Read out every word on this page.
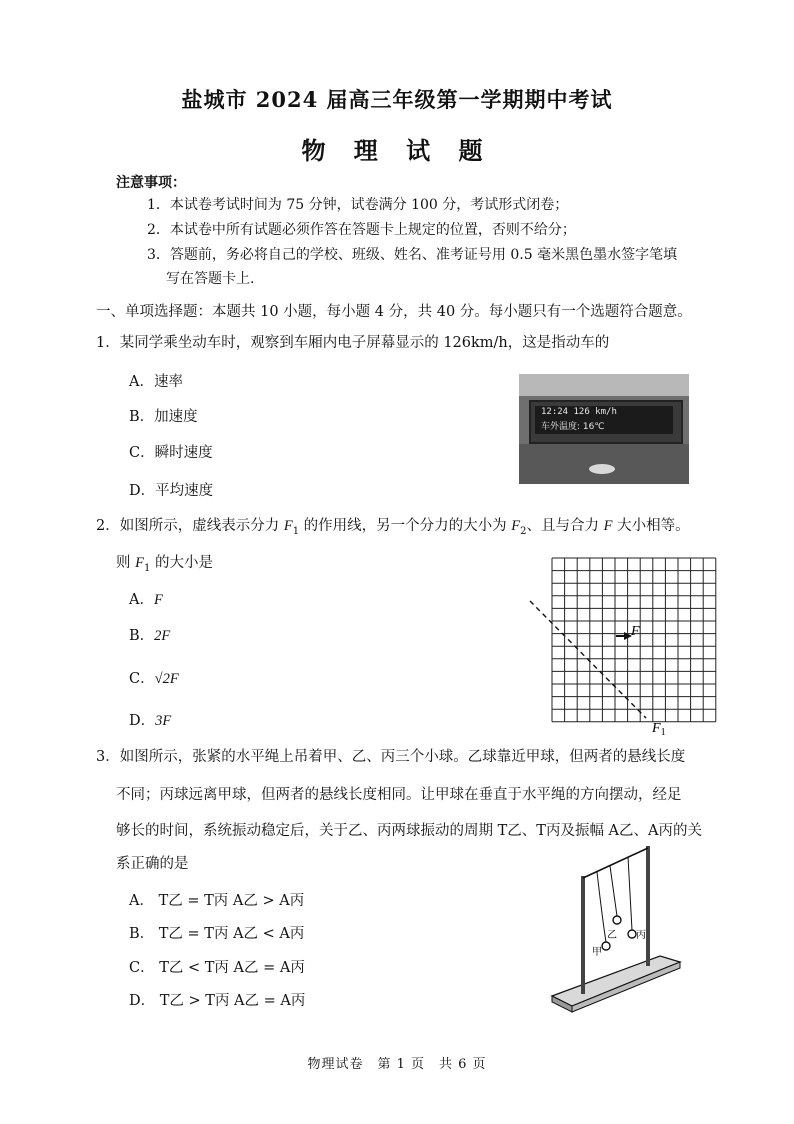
盐城市 2024 届高三年级第一学期期中考试
物 理 试 题
注意事项：
1．本试卷考试时间为 75 分钟，试卷满分 100 分，考试形式闭卷；
2．本试卷中所有试题必须作答在答题卡上规定的位置，否则不给分；
3．答题前，务必将自己的学校、班级、姓名、准考证号用 0.5 毫米黑色墨水签字笔填
写在答题卡上.
一、单项选择题：本题共 10 小题，每小题 4 分，共 40 分。每小题只有一个选题符合题意。
1．某同学乘坐动车时，观察到车厢内电子屏幕显示的 126km/h，这是指动车的
A．速率
B．加速度
C．瞬时速度
D．平均速度
12:24 126 km/h
车外温度: 16℃
2．如图所示，虚线表示分力 $F_1$ 的作用线，另一个分力的大小为 $F_2$、且与合力 F 大小相等。
则 $F_1$ 的大小是
A．F
B．2F
C．√2F
D．3F
F
$F_1$
3．如图所示，张紧的水平绳上吊着甲、乙、丙三个小球。乙球靠近甲球，但两者的悬线长度
不同；丙球远离甲球，但两者的悬线长度相同。让甲球在垂直于水平绳的方向摆动，经足
够长的时间，系统振动稳定后，关于乙、丙两球振动的周期 T乙、T丙及振幅 A乙、A丙的关
系正确的是
A． T乙 = T丙 A乙 > A丙
B． T乙 = T丙 A乙 < A丙
C． T乙 < T丙 A乙 = A丙
D． T乙 > T丙 A乙 = A丙
甲
乙 丙
物理试卷　第 1 页　共 6 页
